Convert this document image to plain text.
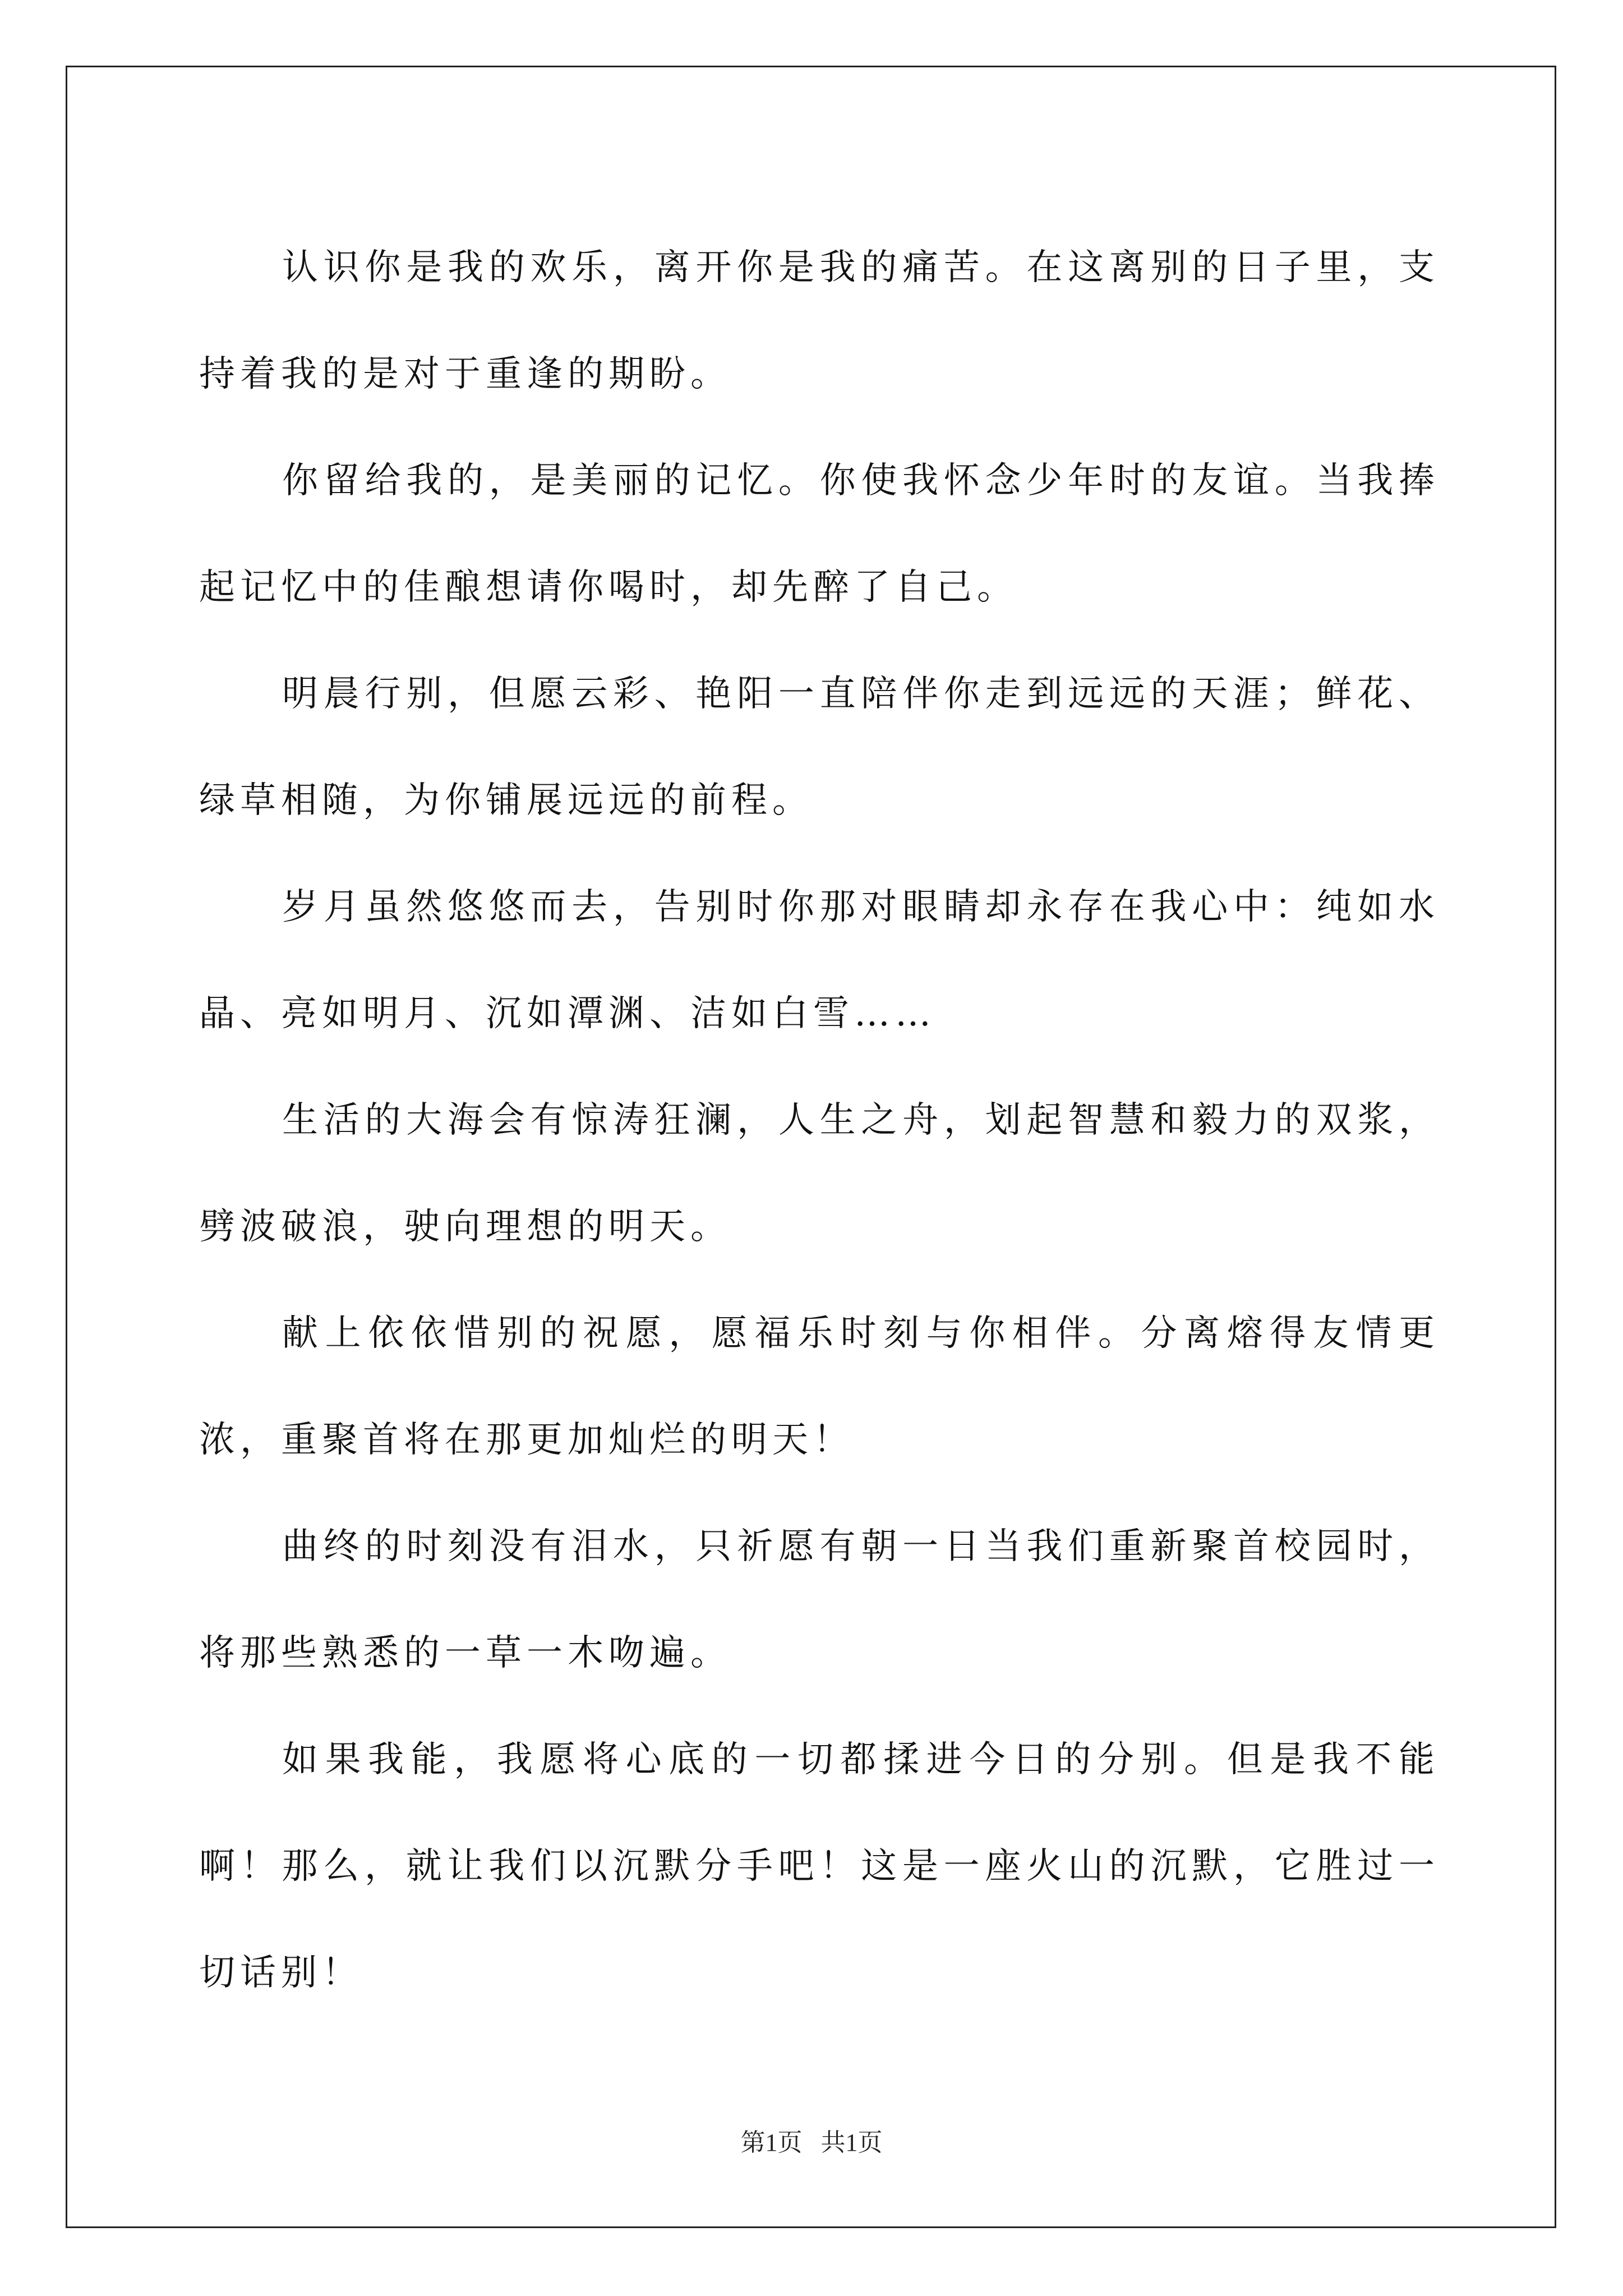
认识你是我的欢乐，离开你是我的痛苦。在这离别的日子里，支持着我的是对于重逢的期盼。

你留给我的，是美丽的记忆。你使我怀念少年时的友谊。当我捧起记忆中的佳酿想请你喝时，却先醉了自己。

明晨行别，但愿云彩、艳阳一直陪伴你走到远远的天涯；鲜花、绿草相随，为你铺展远远的前程。

岁月虽然悠悠而去，告别时你那对眼睛却永存在我心中：纯如水晶、亮如明月、沉如潭渊、洁如白雪……

生活的大海会有惊涛狂澜，人生之舟，划起智慧和毅力的双浆，劈波破浪，驶向理想的明天。

献上依依惜别的祝愿，愿福乐时刻与你相伴。分离熔得友情更浓，重聚首将在那更加灿烂的明天！

曲终的时刻没有泪水，只祈愿有朝一日当我们重新聚首校园时，将那些熟悉的一草一木吻遍。

如果我能，我愿将心底的一切都揉进今日的分别。但是我不能啊！那么，就让我们以沉默分手吧！这是一座火山的沉默，它胜过一切话别！

第1页 共1页
